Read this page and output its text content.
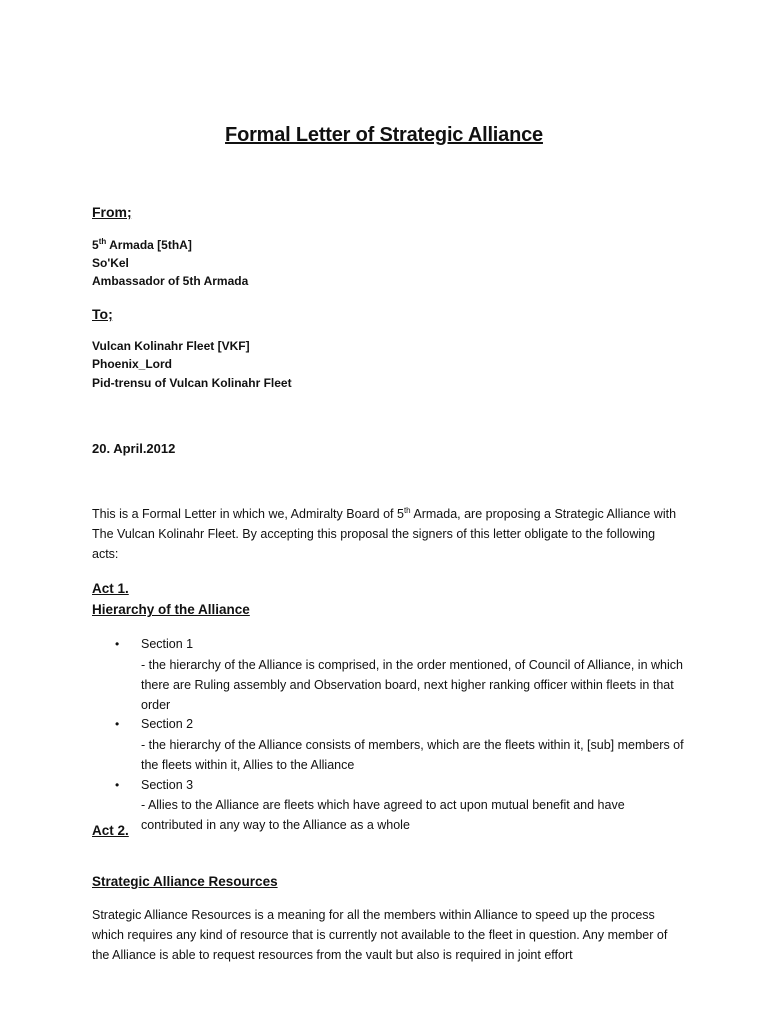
Formal Letter of Strategic Alliance
From;
5th Armada [5thA]
So'Kel
Ambassador of 5th Armada
To;
Vulcan Kolinahr Fleet [VKF]
Phoenix_Lord
Pid-trensu of Vulcan Kolinahr Fleet
20. April.2012
This is a Formal Letter in which we, Admiralty Board of 5th Armada, are proposing a Strategic Alliance with The Vulcan Kolinahr Fleet. By accepting this proposal the signers of this letter obligate to the following acts:
Act 1.
Hierarchy of the Alliance
• Section 1
- the hierarchy of the Alliance is comprised, in the order mentioned, of Council of Alliance, in which there are Ruling assembly and Observation board, next higher ranking officer within fleets in that order
• Section 2
- the hierarchy of the Alliance consists of members, which are the fleets within it, [sub] members of the fleets within it, Allies to the Alliance
• Section 3
- Allies to the Alliance are fleets which have agreed to act upon mutual benefit and have contributed in any way to the Alliance as a whole
Act 2.
Strategic Alliance Resources
Strategic Alliance Resources is a meaning for all the members within Alliance to speed up the process which requires any kind of resource that is currently not available to the fleet in question. Any member of the Alliance is able to request resources from the vault but also is required in joint effort
